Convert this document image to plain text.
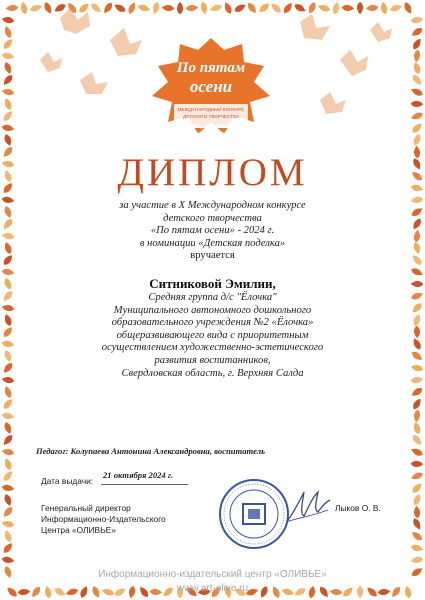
По пятам
осени
МЕЖДУНАРОДНЫЙ КОНКУРС
ДЕТСКОГО ТВОРЧЕСТВА
НИЦ «ОЛИВЬЕ»
WWW.ART-OLIVE.RU
ДИПЛОМ
за участие в X Международном конкурсе
детского творчества
«По пятам осени» - 2024 г.
в номинации «Детская поделка»
вручается
Ситниковой Эмилии,
Средняя группа д/с "Ёлочка"
Муниципального автономного дошкольного
образовательного учреждения №2 «Ёлочка»
общеразвивающего вида с приоритетным
осуществлением художественно-эстетического
развития воспитанников,
Свердловская область, г. Верхняя Салда
Педагог: Колупаева Антонина Александровна, воспитатель
Дата выдачи:
21 октября 2024 г.
Генеральный директор
Информационно-Издательского
Центра «ОЛИВЬЕ»
Лыков О. В.
Информационно-издательский центр «ОЛИВЬЕ»
www.art-olive.ru
